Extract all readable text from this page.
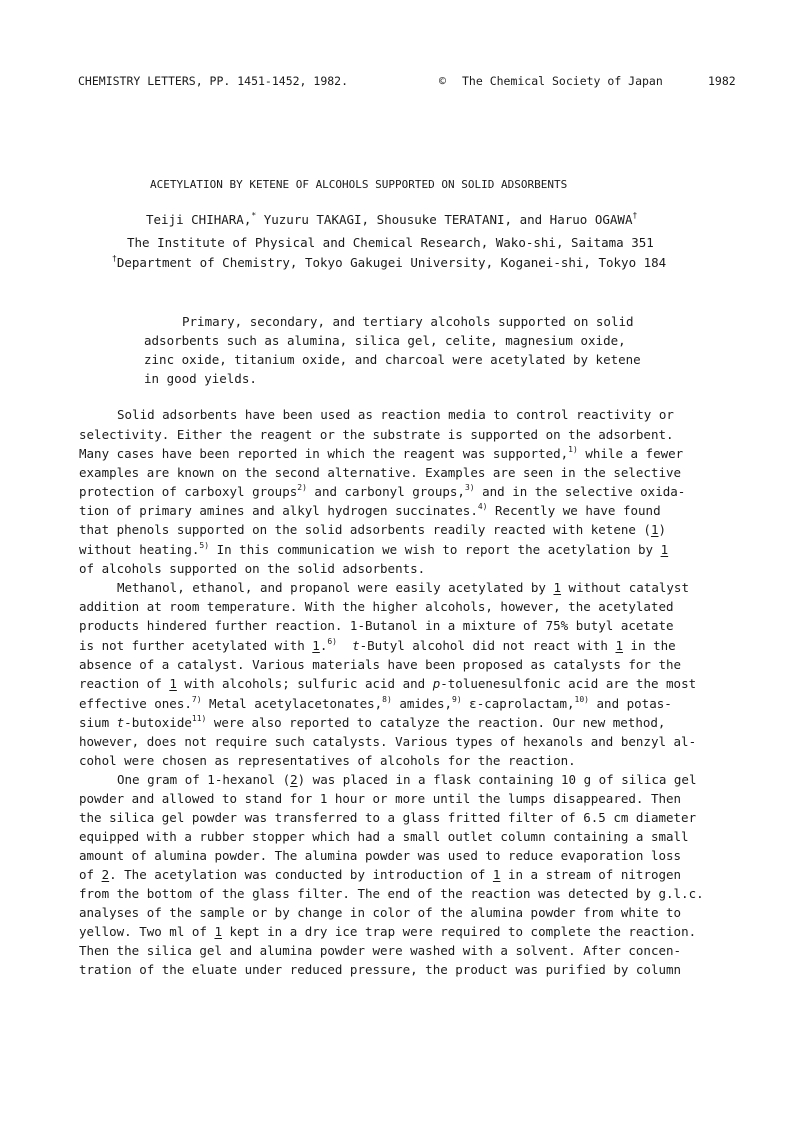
CHEMISTRY LETTERS, PP. 1451-1452, 1982.	© The Chemical Society of Japan	1982
ACETYLATION BY KETENE OF ALCOHOLS SUPPORTED ON SOLID ADSORBENTS
Teiji CHIHARA,* Yuzuru TAKAGI, Shousuke TERATANI, and Haruo OGAWA†
The Institute of Physical and Chemical Research, Wako-shi, Saitama 351
†Department of Chemistry, Tokyo Gakugei University, Koganei-shi, Tokyo 184
Primary, secondary, and tertiary alcohols supported on solid
adsorbents such as alumina, silica gel, celite, magnesium oxide,
zinc oxide, titanium oxide, and charcoal were acetylated by ketene
in good yields.
Solid adsorbents have been used as reaction media to control reactivity or
selectivity. Either the reagent or the substrate is supported on the adsorbent.
Many cases have been reported in which the reagent was supported,$^{1)}$ while a fewer
examples are known on the second alternative. Examples are seen in the selective
protection of carboxyl groups$^{2)}$ and carbonyl groups,$^{3)}$ and in the selective oxida-
tion of primary amines and alkyl hydrogen succinates.$^{4)}$ Recently we have found
that phenols supported on the solid adsorbents readily reacted with ketene (1)
without heating.$^{5)}$ In this communication we wish to report the acetylation by 1
of alcohols supported on the solid adsorbents.
Methanol, ethanol, and propanol were easily acetylated by 1 without catalyst
addition at room temperature. With the higher alcohols, however, the acetylated
products hindered further reaction. 1-Butanol in a mixture of 75% butyl acetate
is not further acetylated with 1.$^{6)}$ t-Butyl alcohol did not react with 1 in the
absence of a catalyst. Various materials have been proposed as catalysts for the
reaction of 1 with alcohols; sulfuric acid and p-toluenesulfonic acid are the most
effective ones.$^{7)}$ Metal acetylacetonates,$^{8)}$ amides,$^{9)}$ ε-caprolactam,$^{10)}$ and potas-
sium t-butoxide$^{11)}$ were also reported to catalyze the reaction. Our new method,
however, does not require such catalysts. Various types of hexanols and benzyl al-
cohol were chosen as representatives of alcohols for the reaction.
One gram of 1-hexanol (2) was placed in a flask containing 10 g of silica gel
powder and allowed to stand for 1 hour or more until the lumps disappeared. Then
the silica gel powder was transferred to a glass fritted filter of 6.5 cm diameter
equipped with a rubber stopper which had a small outlet column containing a small
amount of alumina powder. The alumina powder was used to reduce evaporation loss
of 2. The acetylation was conducted by introduction of 1 in a stream of nitrogen
from the bottom of the glass filter. The end of the reaction was detected by g.l.c.
analyses of the sample or by change in color of the alumina powder from white to
yellow. Two ml of 1 kept in a dry ice trap were required to complete the reaction.
Then the silica gel and alumina powder were washed with a solvent. After concen-
tration of the eluate under reduced pressure, the product was purified by column
